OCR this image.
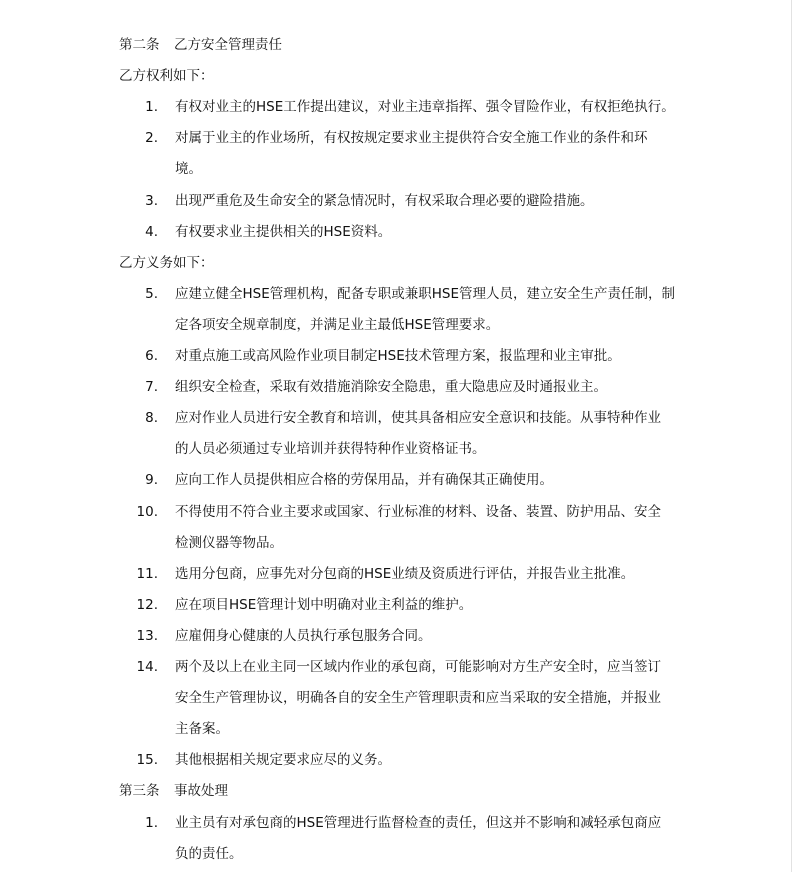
第二条 乙方安全管理责任
乙方权利如下：
1. 有权对业主的HSE工作提出建议，对业主违章指挥、强令冒险作业，有权拒绝执行。
2. 对属于业主的作业场所，有权按规定要求业主提供符合安全施工作业的条件和环
境。
3. 出现严重危及生命安全的紧急情况时，有权采取合理必要的避险措施。
4. 有权要求业主提供相关的HSE资料。
乙方义务如下：
5. 应建立健全HSE管理机构，配备专职或兼职HSE管理人员，建立安全生产责任制，制
定各项安全规章制度，并满足业主最低HSE管理要求。
6. 对重点施工或高风险作业项目制定HSE技术管理方案，报监理和业主审批。
7. 组织安全检查，采取有效措施消除安全隐患，重大隐患应及时通报业主。
8. 应对作业人员进行安全教育和培训，使其具备相应安全意识和技能。从事特种作业
的人员必须通过专业培训并获得特种作业资格证书。
9. 应向工作人员提供相应合格的劳保用品，并有确保其正确使用。
10. 不得使用不符合业主要求或国家、行业标准的材料、设备、装置、防护用品、安全
检测仪器等物品。
11. 选用分包商，应事先对分包商的HSE业绩及资质进行评估，并报告业主批准。
12. 应在项目HSE管理计划中明确对业主利益的维护。
13. 应雇佣身心健康的人员执行承包服务合同。
14. 两个及以上在业主同一区域内作业的承包商，可能影响对方生产安全时，应当签订
安全生产管理协议，明确各自的安全生产管理职责和应当采取的安全措施，并报业
主备案。
15. 其他根据相关规定要求应尽的义务。
第三条 事故处理
1. 业主员有对承包商的HSE管理进行监督检查的责任，但这并不影响和减轻承包商应
负的责任。
